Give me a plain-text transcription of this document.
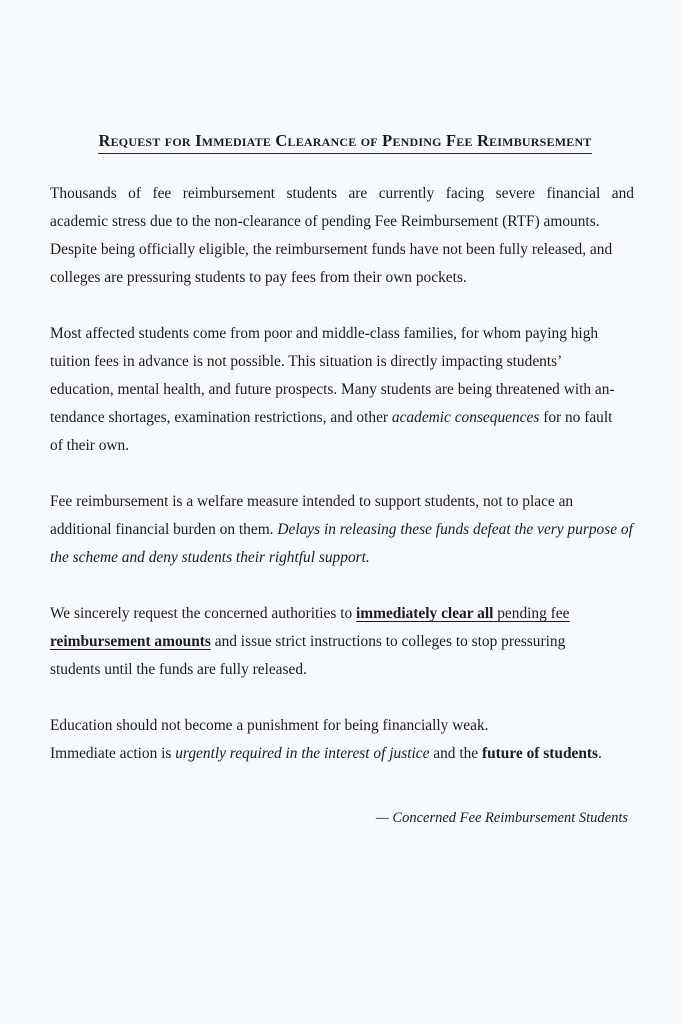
Request for Immediate Clearance of Pending Fee Reimbursement

Thousands of fee reimbursement students are currently facing severe financial and
academic stress due to the non-clearance of pending Fee Reimbursement (RTF) amounts.
Despite being officially eligible, the reimbursement funds have not been fully released, and
colleges are pressuring students to pay fees from their own pockets.

Most affected students come from poor and middle-class families, for whom paying high
tuition fees in advance is not possible. This situation is directly impacting students’
education, mental health, and future prospects. Many students are being threatened with an-
tendance shortages, examination restrictions, and other academic consequences for no fault
of their own.

Fee reimbursement is a welfare measure intended to support students, not to place an
additional financial burden on them. Delays in releasing these funds defeat the very purpose of
the scheme and deny students their rightful support.

We sincerely request the concerned authorities to immediately clear all pending fee
reimbursement amounts and issue strict instructions to colleges to stop pressuring
students until the funds are fully released.

Education should not become a punishment for being financially weak.
Immediate action is urgently required in the interest of justice and the future of students.

— Concerned Fee Reimbursement Students
